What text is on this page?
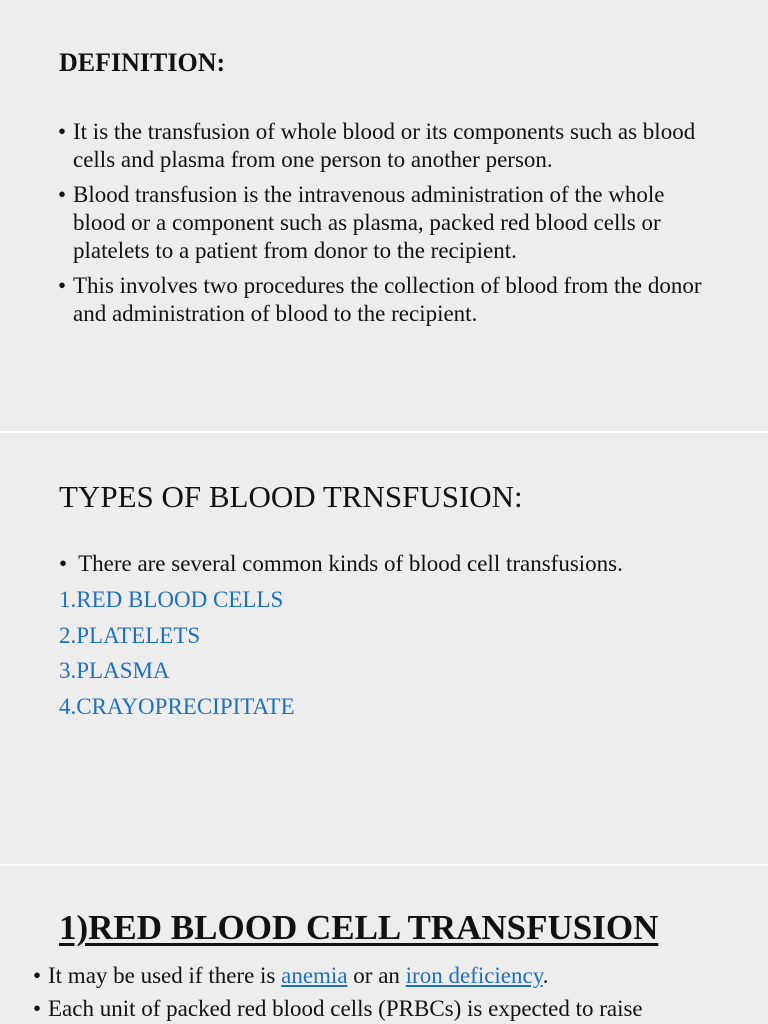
DEFINITION:
• It is the transfusion of whole blood or its components such as blood cells and plasma from one person to another person.
• Blood transfusion is the intravenous administration of the whole blood or a component such as plasma, packed red blood cells or platelets to a patient from donor to the recipient.
• This involves two procedures the collection of blood from the donor and administration of blood to the recipient.
TYPES OF BLOOD TRNSFUSION:
• There are several common kinds of blood cell transfusions.
1.RED BLOOD CELLS
2.PLATELETS
3.PLASMA
4.CRAYOPRECIPITATE
1)RED BLOOD CELL TRANSFUSION
• It may be used if there is anemia or an iron deficiency.
• Each unit of packed red blood cells (PRBCs) is expected to raise
